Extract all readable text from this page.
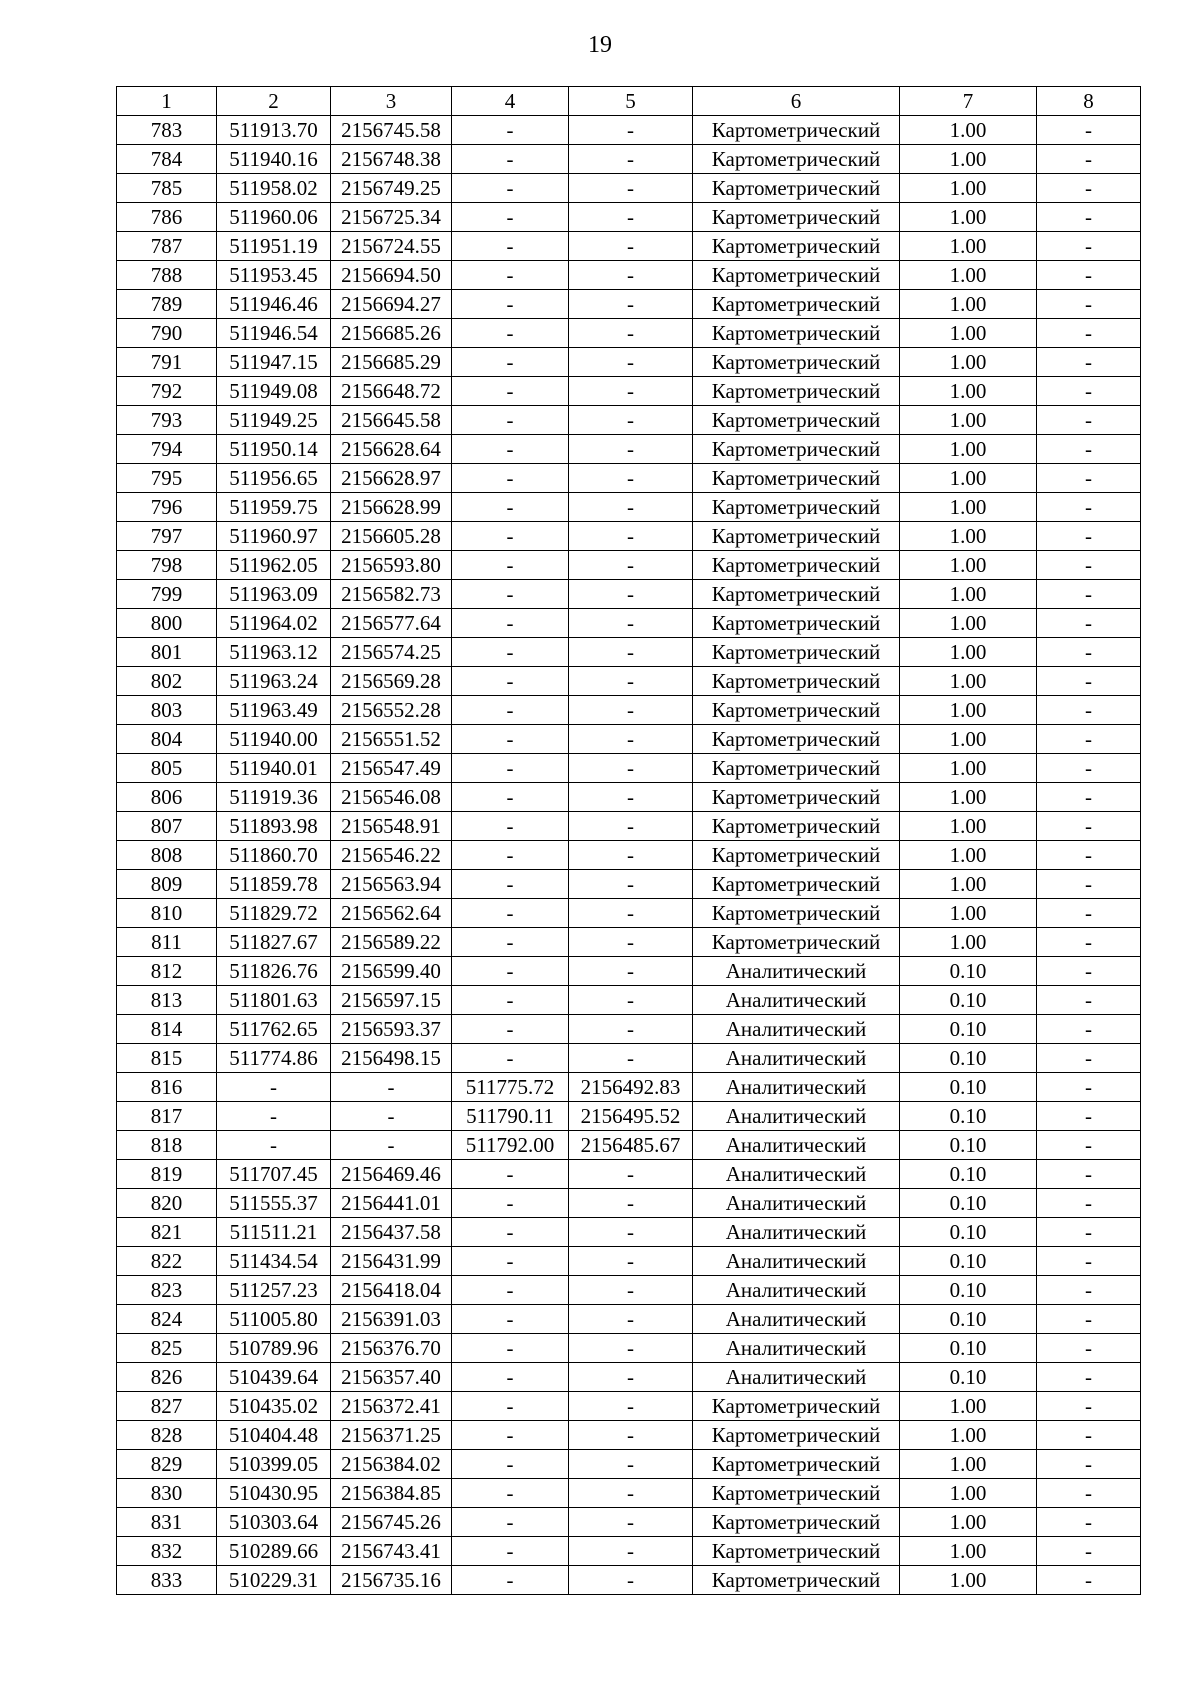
19
1	2	3	4	5	6	7	8
783	511913.70	2156745.58	-	-	Картометрический	1.00	-
784	511940.16	2156748.38	-	-	Картометрический	1.00	-
785	511958.02	2156749.25	-	-	Картометрический	1.00	-
786	511960.06	2156725.34	-	-	Картометрический	1.00	-
787	511951.19	2156724.55	-	-	Картометрический	1.00	-
788	511953.45	2156694.50	-	-	Картометрический	1.00	-
789	511946.46	2156694.27	-	-	Картометрический	1.00	-
790	511946.54	2156685.26	-	-	Картометрический	1.00	-
791	511947.15	2156685.29	-	-	Картометрический	1.00	-
792	511949.08	2156648.72	-	-	Картометрический	1.00	-
793	511949.25	2156645.58	-	-	Картометрический	1.00	-
794	511950.14	2156628.64	-	-	Картометрический	1.00	-
795	511956.65	2156628.97	-	-	Картометрический	1.00	-
796	511959.75	2156628.99	-	-	Картометрический	1.00	-
797	511960.97	2156605.28	-	-	Картометрический	1.00	-
798	511962.05	2156593.80	-	-	Картометрический	1.00	-
799	511963.09	2156582.73	-	-	Картометрический	1.00	-
800	511964.02	2156577.64	-	-	Картометрический	1.00	-
801	511963.12	2156574.25	-	-	Картометрический	1.00	-
802	511963.24	2156569.28	-	-	Картометрический	1.00	-
803	511963.49	2156552.28	-	-	Картометрический	1.00	-
804	511940.00	2156551.52	-	-	Картометрический	1.00	-
805	511940.01	2156547.49	-	-	Картометрический	1.00	-
806	511919.36	2156546.08	-	-	Картометрический	1.00	-
807	511893.98	2156548.91	-	-	Картометрический	1.00	-
808	511860.70	2156546.22	-	-	Картометрический	1.00	-
809	511859.78	2156563.94	-	-	Картометрический	1.00	-
810	511829.72	2156562.64	-	-	Картометрический	1.00	-
811	511827.67	2156589.22	-	-	Картометрический	1.00	-
812	511826.76	2156599.40	-	-	Аналитический	0.10	-
813	511801.63	2156597.15	-	-	Аналитический	0.10	-
814	511762.65	2156593.37	-	-	Аналитический	0.10	-
815	511774.86	2156498.15	-	-	Аналитический	0.10	-
816	-	-	511775.72	2156492.83	Аналитический	0.10	-
817	-	-	511790.11	2156495.52	Аналитический	0.10	-
818	-	-	511792.00	2156485.67	Аналитический	0.10	-
819	511707.45	2156469.46	-	-	Аналитический	0.10	-
820	511555.37	2156441.01	-	-	Аналитический	0.10	-
821	511511.21	2156437.58	-	-	Аналитический	0.10	-
822	511434.54	2156431.99	-	-	Аналитический	0.10	-
823	511257.23	2156418.04	-	-	Аналитический	0.10	-
824	511005.80	2156391.03	-	-	Аналитический	0.10	-
825	510789.96	2156376.70	-	-	Аналитический	0.10	-
826	510439.64	2156357.40	-	-	Аналитический	0.10	-
827	510435.02	2156372.41	-	-	Картометрический	1.00	-
828	510404.48	2156371.25	-	-	Картометрический	1.00	-
829	510399.05	2156384.02	-	-	Картометрический	1.00	-
830	510430.95	2156384.85	-	-	Картометрический	1.00	-
831	510303.64	2156745.26	-	-	Картометрический	1.00	-
832	510289.66	2156743.41	-	-	Картометрический	1.00	-
833	510229.31	2156735.16	-	-	Картометрический	1.00	-
